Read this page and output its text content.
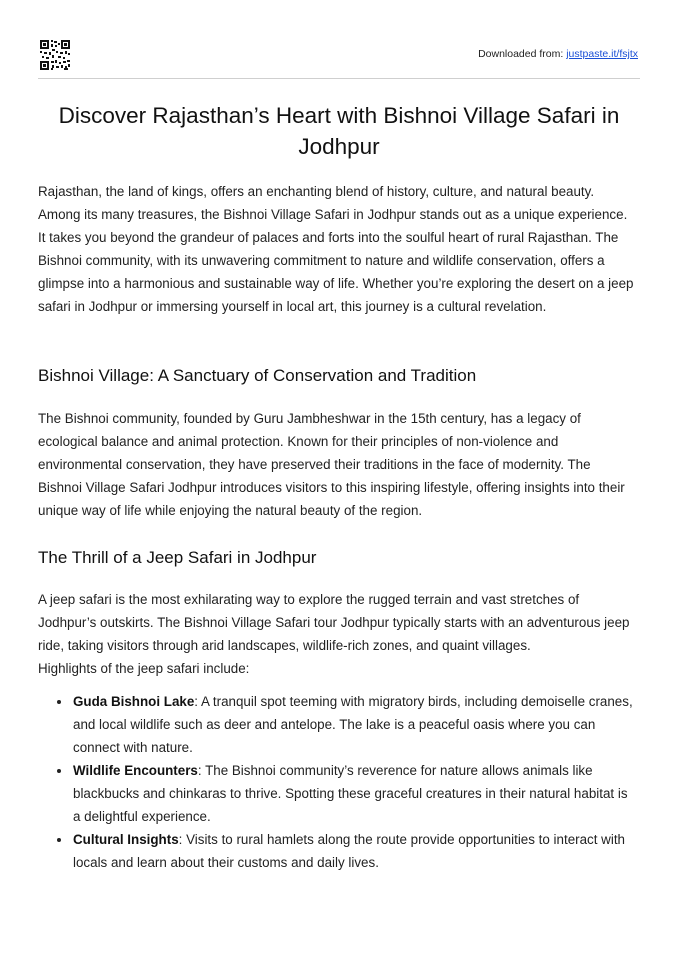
Downloaded from: justpaste.it/fsjtx
Discover Rajasthan’s Heart with Bishnoi Village Safari in Jodhpur

Rajasthan, the land of kings, offers an enchanting blend of history, culture, and natural beauty. Among its many treasures, the Bishnoi Village Safari in Jodhpur stands out as a unique experience. It takes you beyond the grandeur of palaces and forts into the soulful heart of rural Rajasthan. The Bishnoi community, with its unwavering commitment to nature and wildlife conservation, offers a glimpse into a harmonious and sustainable way of life. Whether you’re exploring the desert on a jeep safari in Jodhpur or immersing yourself in local art, this journey is a cultural revelation.

Bishnoi Village: A Sanctuary of Conservation and Tradition

The Bishnoi community, founded by Guru Jambheshwar in the 15th century, has a legacy of ecological balance and animal protection. Known for their principles of non-violence and environmental conservation, they have preserved their traditions in the face of modernity. The Bishnoi Village Safari Jodhpur introduces visitors to this inspiring lifestyle, offering insights into their unique way of life while enjoying the natural beauty of the region.

The Thrill of a Jeep Safari in Jodhpur

A jeep safari is the most exhilarating way to explore the rugged terrain and vast stretches of Jodhpur’s outskirts. The Bishnoi Village Safari tour Jodhpur typically starts with an adventurous jeep ride, taking visitors through arid landscapes, wildlife-rich zones, and quaint villages.

Highlights of the jeep safari include:

Guda Bishnoi Lake: A tranquil spot teeming with migratory birds, including demoiselle cranes, and local wildlife such as deer and antelope. The lake is a peaceful oasis where you can connect with nature.
Wildlife Encounters: The Bishnoi community’s reverence for nature allows animals like blackbucks and chinkaras to thrive. Spotting these graceful creatures in their natural habitat is a delightful experience.
Cultural Insights: Visits to rural hamlets along the route provide opportunities to interact with locals and learn about their customs and daily lives.
